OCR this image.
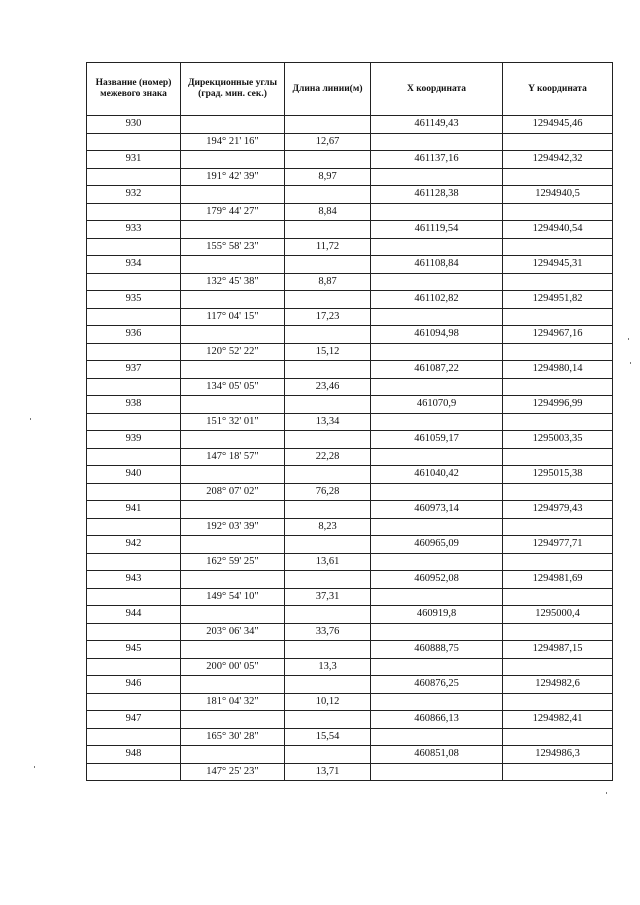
Название (номер) межевого знака	Дирекционные углы (град. мин. сек.)	Длина линии(м)	X координата	Y координата
930			461149,43	1294945,46
	194° 21' 16"	12,67		
931			461137,16	1294942,32
	191° 42' 39"	8,97		
932			461128,38	1294940,5
	179° 44' 27"	8,84		
933			461119,54	1294940,54
	155° 58' 23"	11,72		
934			461108,84	1294945,31
	132° 45' 38"	8,87		
935			461102,82	1294951,82
	117° 04' 15"	17,23		
936			461094,98	1294967,16
	120° 52' 22"	15,12		
937			461087,22	1294980,14
	134° 05' 05"	23,46		
938			461070,9	1294996,99
	151° 32' 01"	13,34		
939			461059,17	1295003,35
	147° 18' 57"	22,28		
940			461040,42	1295015,38
	208° 07' 02"	76,28		
941			460973,14	1294979,43
	192° 03' 39"	8,23		
942			460965,09	1294977,71
	162° 59' 25"	13,61		
943			460952,08	1294981,69
	149° 54' 10"	37,31		
944			460919,8	1295000,4
	203° 06' 34"	33,76		
945			460888,75	1294987,15
	200° 00' 05"	13,3		
946			460876,25	1294982,6
	181° 04' 32"	10,12		
947			460866,13	1294982,41
	165° 30' 28"	15,54		
948			460851,08	1294986,3
	147° 25' 23"	13,71		
